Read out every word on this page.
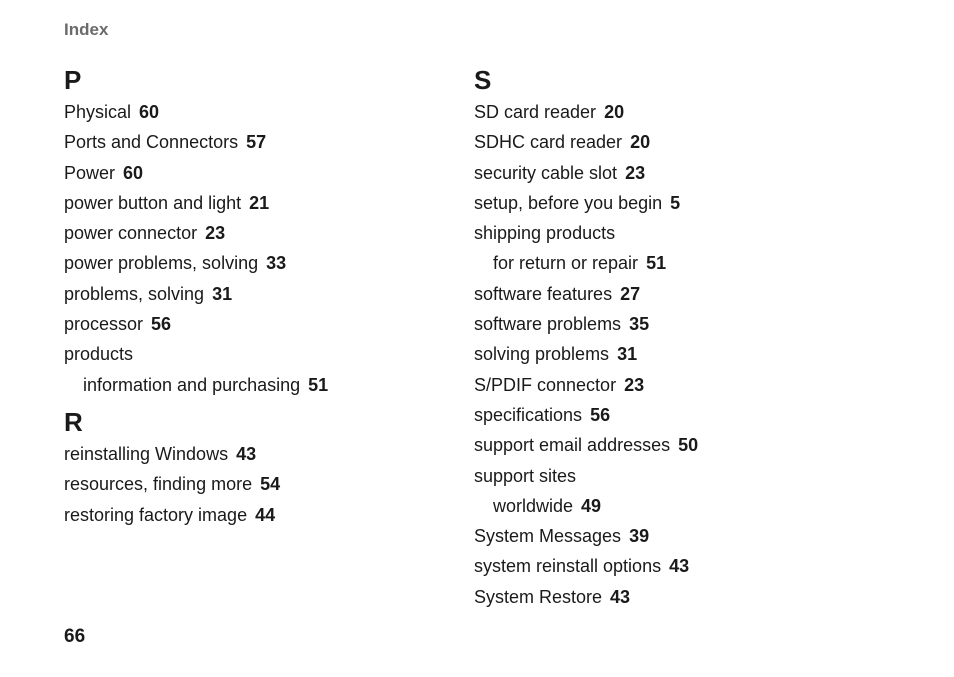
Index
P
Physical 60
Ports and Connectors 57
Power 60
power button and light 21
power connector 23
power problems, solving 33
problems, solving 31
processor 56
products
information and purchasing 51
R
reinstalling Windows 43
resources, finding more 54
restoring factory image 44
S
SD card reader 20
SDHC card reader 20
security cable slot 23
setup, before you begin 5
shipping products
for return or repair 51
software features 27
software problems 35
solving problems 31
S/PDIF connector 23
specifications 56
support email addresses 50
support sites
worldwide 49
System Messages 39
system reinstall options 43
System Restore 43
66
